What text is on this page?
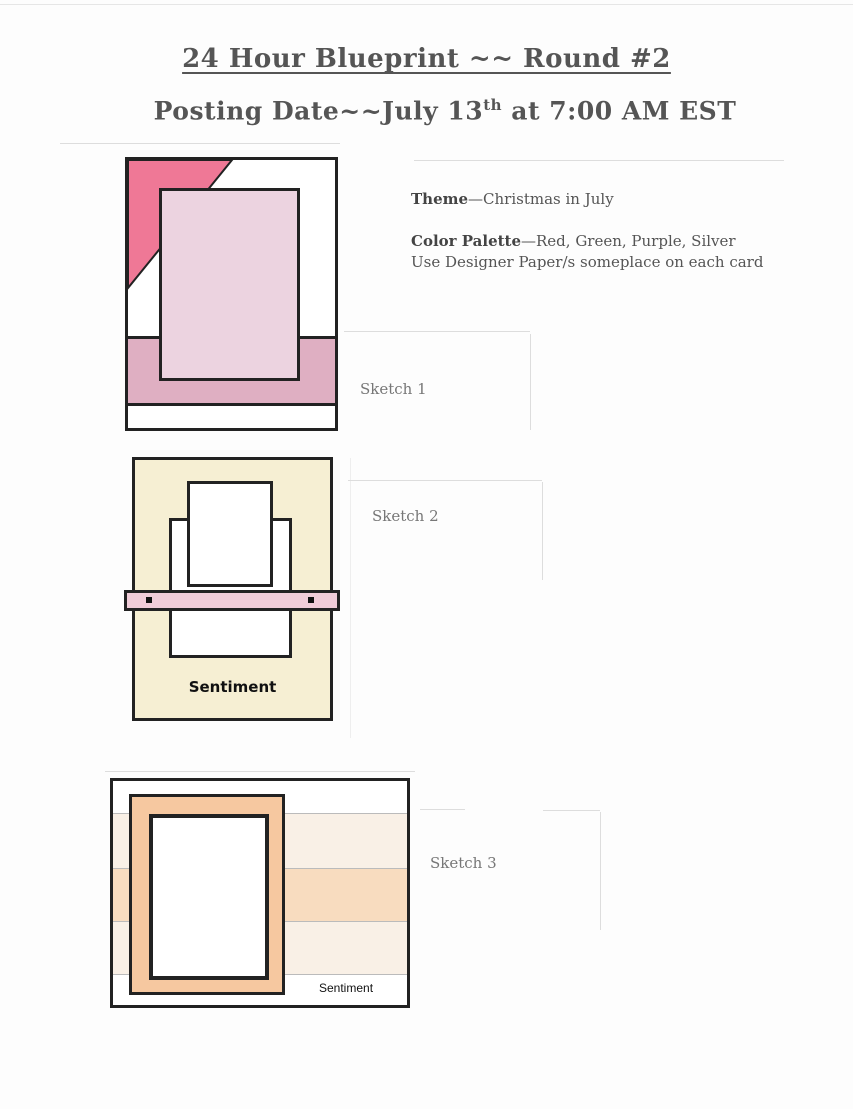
24 Hour Blueprint ~~ Round #2
Posting Date~~July 13th at 7:00 AM EST
Theme—Christmas in July
Color Palette—Red, Green, Purple, Silver
Use Designer Paper/s someplace on each card
Sketch 1
Sentiment
Sketch 2
Sentiment
Sketch 3
